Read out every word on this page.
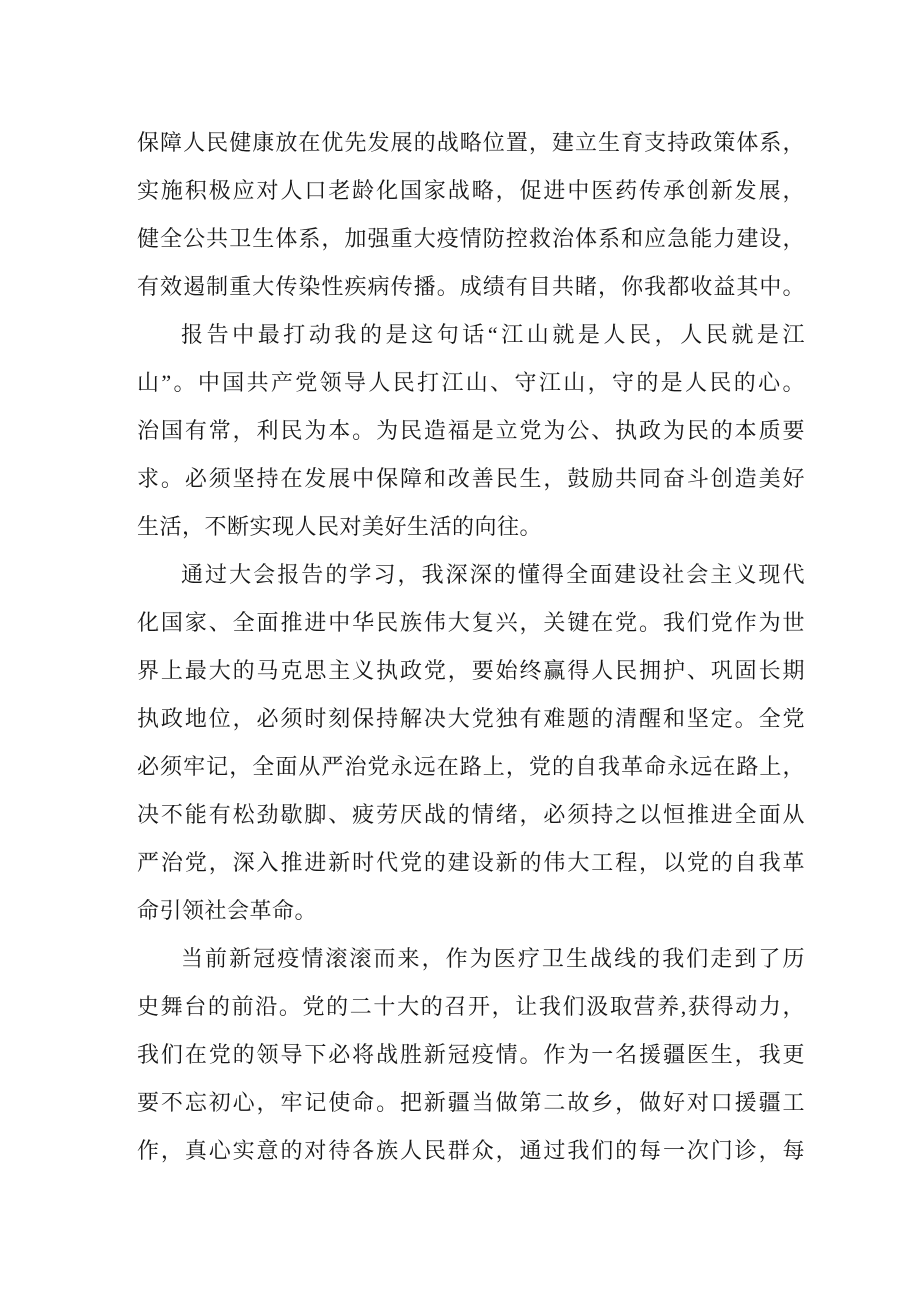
保障人民健康放在优先发展的战略位置，建立生育支持政策体系，
实施积极应对人口老龄化国家战略，促进中医药传承创新发展，
健全公共卫生体系，加强重大疫情防控救治体系和应急能力建设，
有效遏制重大传染性疾病传播。成绩有目共睹，你我都收益其中。
报告中最打动我的是这句话“江山就是人民，人民就是江
山”。中国共产党领导人民打江山、守江山，守的是人民的心。
治国有常，利民为本。为民造福是立党为公、执政为民的本质要
求。必须坚持在发展中保障和改善民生，鼓励共同奋斗创造美好
生活，不断实现人民对美好生活的向往。
通过大会报告的学习，我深深的懂得全面建设社会主义现代
化国家、全面推进中华民族伟大复兴，关键在党。我们党作为世
界上最大的马克思主义执政党，要始终赢得人民拥护、巩固长期
执政地位，必须时刻保持解决大党独有难题的清醒和坚定。全党
必须牢记，全面从严治党永远在路上，党的自我革命永远在路上，
决不能有松劲歇脚、疲劳厌战的情绪，必须持之以恒推进全面从
严治党，深入推进新时代党的建设新的伟大工程，以党的自我革
命引领社会革命。
当前新冠疫情滚滚而来，作为医疗卫生战线的我们走到了历
史舞台的前沿。党的二十大的召开，让我们汲取营养,获得动力，
我们在党的领导下必将战胜新冠疫情。作为一名援疆医生，我更
要不忘初心，牢记使命。把新疆当做第二故乡，做好对口援疆工
作，真心实意的对待各族人民群众，通过我们的每一次门诊，每
